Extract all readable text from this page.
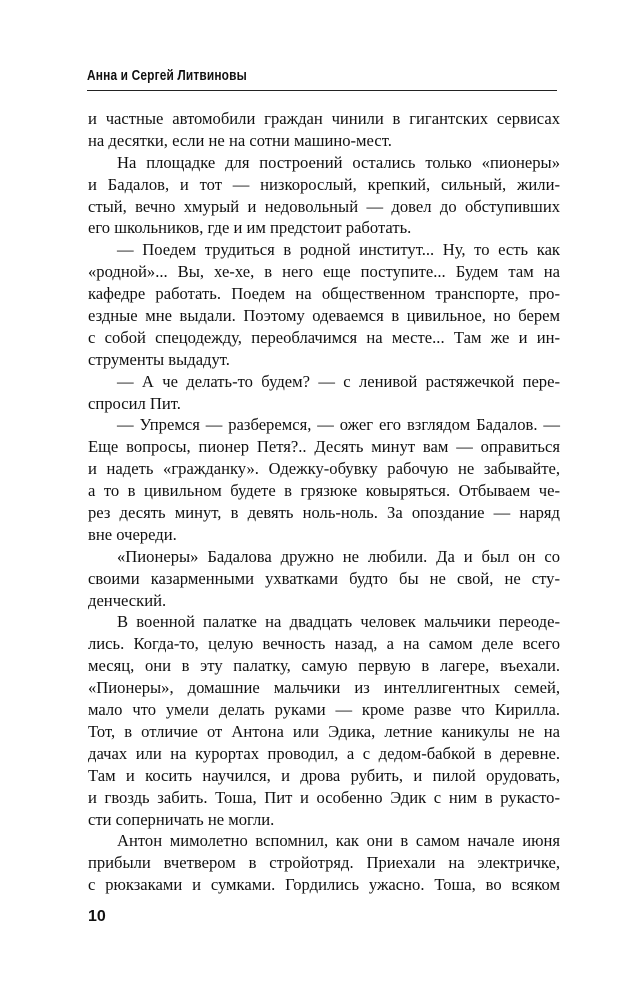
Анна и Сергей Литвиновы
и частные автомобили граждан чинили в гигантских сервисах
на десятки, если не на сотни машино-мест.
На площадке для построений остались только «пионеры»
и Бадалов, и тот — низкорослый, крепкий, сильный, жили-
стый, вечно хмурый и недовольный — довел до обступивших
его школьников, где и им предстоит работать.
— Поедем трудиться в родной институт... Ну, то есть как
«родной»... Вы, хе-хе, в него еще поступите... Будем там на
кафедре работать. Поедем на общественном транспорте, про-
ездные мне выдали. Поэтому одеваемся в цивильное, но берем
с собой спецодежду, переоблачимся на месте... Там же и ин-
струменты выдадут.
— А че делать-то будем? — с ленивой растяжечкой пере-
спросил Пит.
— Упремся — разберемся, — ожег его взглядом Бадалов. —
Еще вопросы, пионер Петя?.. Десять минут вам — оправиться
и надеть «гражданку». Одежку-обувку рабочую не забывайте,
а то в цивильном будете в грязюке ковыряться. Отбываем че-
рез десять минут, в девять ноль-ноль. За опоздание — наряд
вне очереди.
«Пионеры» Бадалова дружно не любили. Да и был он со
своими казарменными ухватками будто бы не свой, не сту-
денческий.
В военной палатке на двадцать человек мальчики переоде-
лись. Когда-то, целую вечность назад, а на самом деле всего
месяц, они в эту палатку, самую первую в лагере, въехали.
«Пионеры», домашние мальчики из интеллигентных семей,
мало что умели делать руками — кроме разве что Кирилла.
Тот, в отличие от Антона или Эдика, летние каникулы не на
дачах или на курортах проводил, а с дедом-бабкой в деревне.
Там и косить научился, и дрова рубить, и пилой орудовать,
и гвоздь забить. Тоша, Пит и особенно Эдик с ним в рукасто-
сти соперничать не могли.
Антон мимолетно вспомнил, как они в самом начале июня
прибыли вчетвером в стройотряд. Приехали на электричке,
с рюкзаками и сумками. Гордились ужасно. Тоша, во всяком
10
